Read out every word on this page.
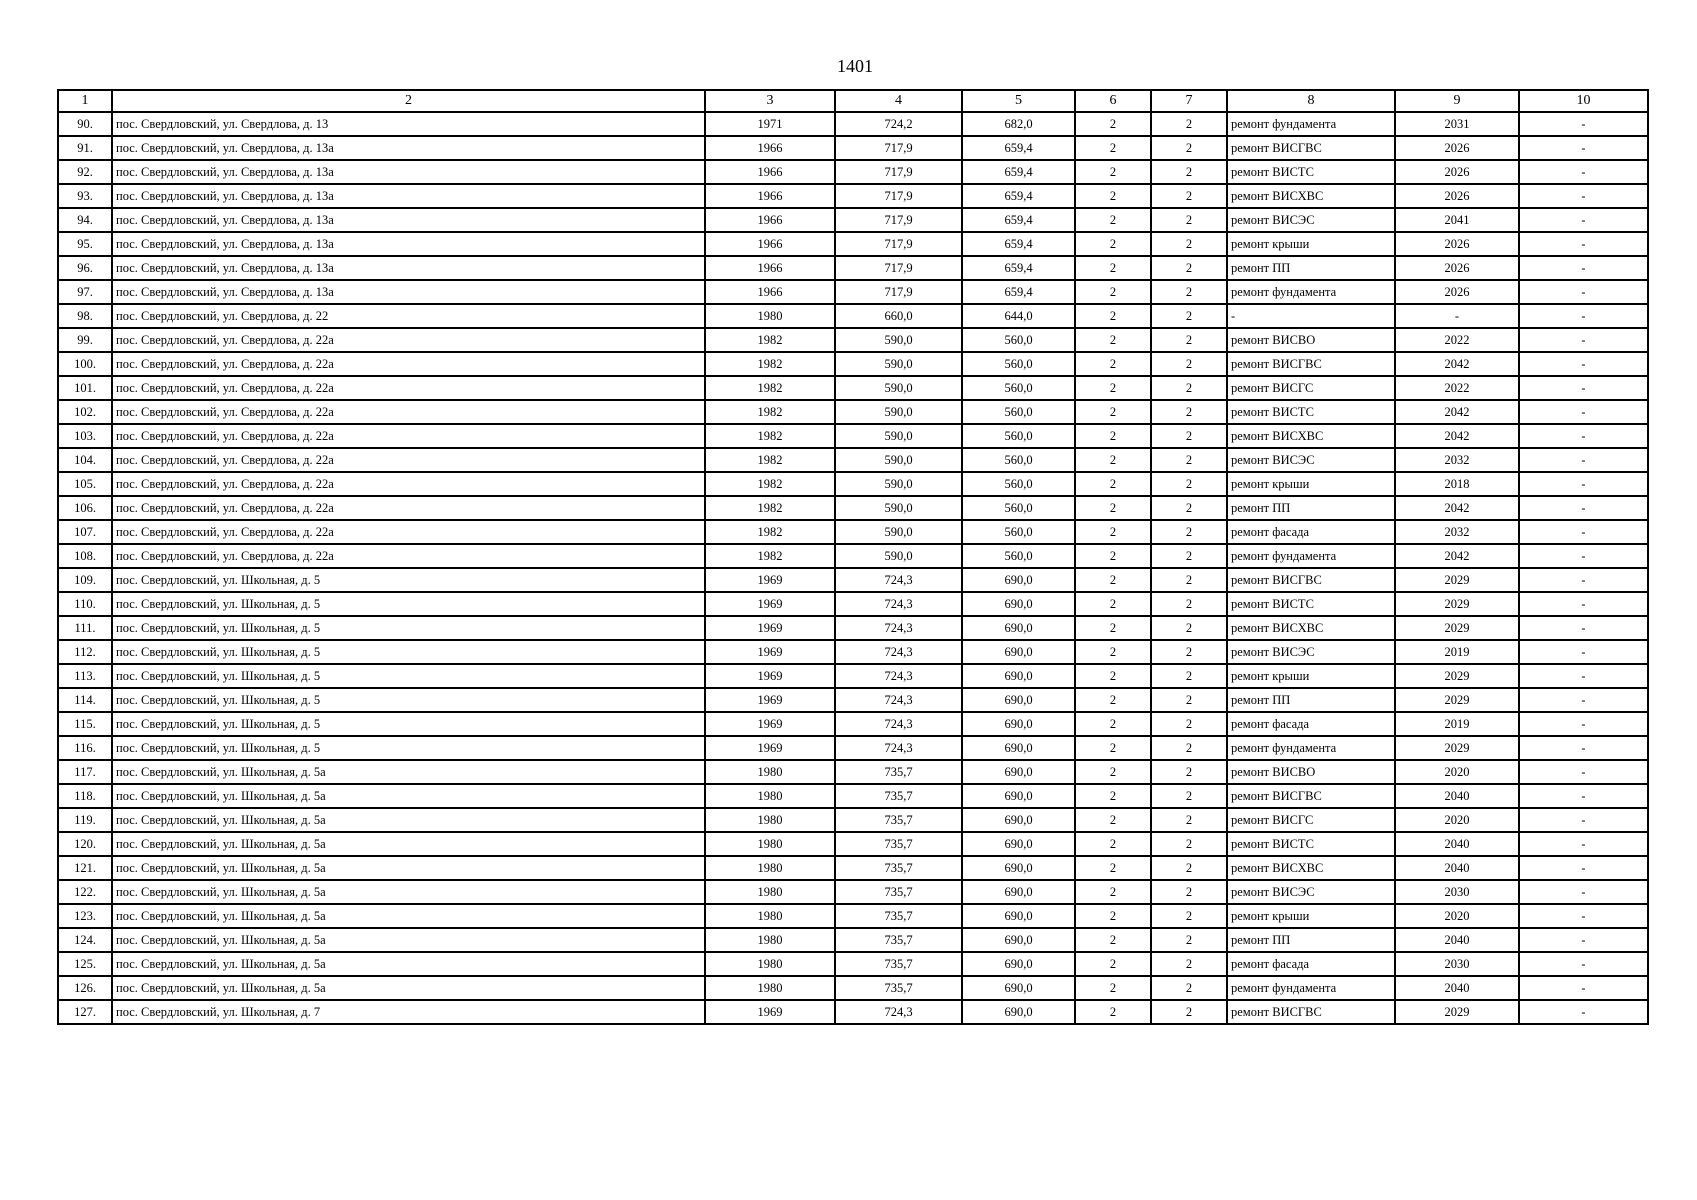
1401
1	2	3	4	5	6	7	8	9	10
90.	пос. Свердловский, ул. Свердлова, д. 13	1971	724,2	682,0	2	2	ремонт фундамента	2031	-
91.	пос. Свердловский, ул. Свердлова, д. 13а	1966	717,9	659,4	2	2	ремонт ВИСГВС	2026	-
92.	пос. Свердловский, ул. Свердлова, д. 13а	1966	717,9	659,4	2	2	ремонт ВИСТС	2026	-
93.	пос. Свердловский, ул. Свердлова, д. 13а	1966	717,9	659,4	2	2	ремонт ВИСХВС	2026	-
94.	пос. Свердловский, ул. Свердлова, д. 13а	1966	717,9	659,4	2	2	ремонт ВИСЭС	2041	-
95.	пос. Свердловский, ул. Свердлова, д. 13а	1966	717,9	659,4	2	2	ремонт крыши	2026	-
96.	пос. Свердловский, ул. Свердлова, д. 13а	1966	717,9	659,4	2	2	ремонт ПП	2026	-
97.	пос. Свердловский, ул. Свердлова, д. 13а	1966	717,9	659,4	2	2	ремонт фундамента	2026	-
98.	пос. Свердловский, ул. Свердлова, д. 22	1980	660,0	644,0	2	2	-	-	-
99.	пос. Свердловский, ул. Свердлова, д. 22а	1982	590,0	560,0	2	2	ремонт ВИСВО	2022	-
100.	пос. Свердловский, ул. Свердлова, д. 22а	1982	590,0	560,0	2	2	ремонт ВИСГВС	2042	-
101.	пос. Свердловский, ул. Свердлова, д. 22а	1982	590,0	560,0	2	2	ремонт ВИСГС	2022	-
102.	пос. Свердловский, ул. Свердлова, д. 22а	1982	590,0	560,0	2	2	ремонт ВИСТС	2042	-
103.	пос. Свердловский, ул. Свердлова, д. 22а	1982	590,0	560,0	2	2	ремонт ВИСХВС	2042	-
104.	пос. Свердловский, ул. Свердлова, д. 22а	1982	590,0	560,0	2	2	ремонт ВИСЭС	2032	-
105.	пос. Свердловский, ул. Свердлова, д. 22а	1982	590,0	560,0	2	2	ремонт крыши	2018	-
106.	пос. Свердловский, ул. Свердлова, д. 22а	1982	590,0	560,0	2	2	ремонт ПП	2042	-
107.	пос. Свердловский, ул. Свердлова, д. 22а	1982	590,0	560,0	2	2	ремонт фасада	2032	-
108.	пос. Свердловский, ул. Свердлова, д. 22а	1982	590,0	560,0	2	2	ремонт фундамента	2042	-
109.	пос. Свердловский, ул. Школьная, д. 5	1969	724,3	690,0	2	2	ремонт ВИСГВС	2029	-
110.	пос. Свердловский, ул. Школьная, д. 5	1969	724,3	690,0	2	2	ремонт ВИСТС	2029	-
111.	пос. Свердловский, ул. Школьная, д. 5	1969	724,3	690,0	2	2	ремонт ВИСХВС	2029	-
112.	пос. Свердловский, ул. Школьная, д. 5	1969	724,3	690,0	2	2	ремонт ВИСЭС	2019	-
113.	пос. Свердловский, ул. Школьная, д. 5	1969	724,3	690,0	2	2	ремонт крыши	2029	-
114.	пос. Свердловский, ул. Школьная, д. 5	1969	724,3	690,0	2	2	ремонт ПП	2029	-
115.	пос. Свердловский, ул. Школьная, д. 5	1969	724,3	690,0	2	2	ремонт фасада	2019	-
116.	пос. Свердловский, ул. Школьная, д. 5	1969	724,3	690,0	2	2	ремонт фундамента	2029	-
117.	пос. Свердловский, ул. Школьная, д. 5а	1980	735,7	690,0	2	2	ремонт ВИСВО	2020	-
118.	пос. Свердловский, ул. Школьная, д. 5а	1980	735,7	690,0	2	2	ремонт ВИСГВС	2040	-
119.	пос. Свердловский, ул. Школьная, д. 5а	1980	735,7	690,0	2	2	ремонт ВИСГС	2020	-
120.	пос. Свердловский, ул. Школьная, д. 5а	1980	735,7	690,0	2	2	ремонт ВИСТС	2040	-
121.	пос. Свердловский, ул. Школьная, д. 5а	1980	735,7	690,0	2	2	ремонт ВИСХВС	2040	-
122.	пос. Свердловский, ул. Школьная, д. 5а	1980	735,7	690,0	2	2	ремонт ВИСЭС	2030	-
123.	пос. Свердловский, ул. Школьная, д. 5а	1980	735,7	690,0	2	2	ремонт крыши	2020	-
124.	пос. Свердловский, ул. Школьная, д. 5а	1980	735,7	690,0	2	2	ремонт ПП	2040	-
125.	пос. Свердловский, ул. Школьная, д. 5а	1980	735,7	690,0	2	2	ремонт фасада	2030	-
126.	пос. Свердловский, ул. Школьная, д. 5а	1980	735,7	690,0	2	2	ремонт фундамента	2040	-
127.	пос. Свердловский, ул. Школьная, д. 7	1969	724,3	690,0	2	2	ремонт ВИСГВС	2029	-
